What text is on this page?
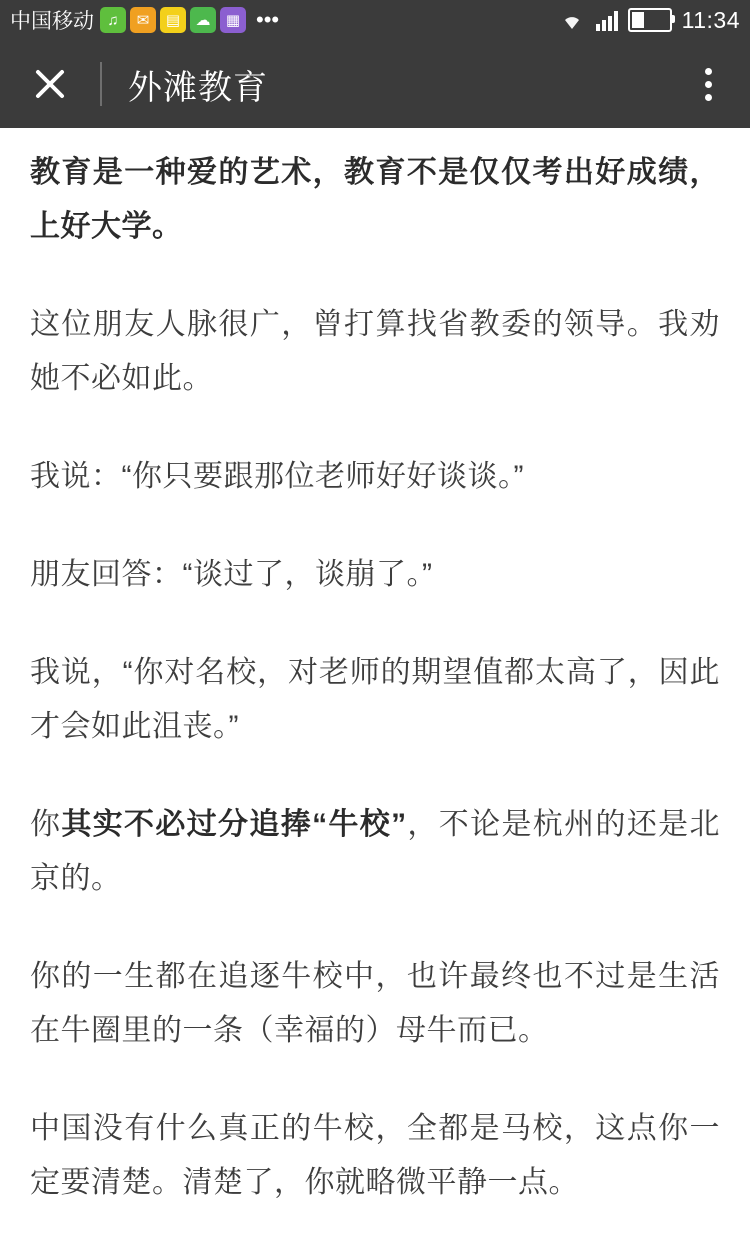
中国移动 ♫	✉	▤	☁	▦ •••	11:34
外滩教育

教育是一种爱的艺术，教育不是仅仅考出好成绩，上好大学。

这位朋友人脉很广，曾打算找省教委的领导。我劝她不必如此。

我说：“你只要跟那位老师好好谈谈。”

朋友回答：“谈过了，谈崩了。”

我说，“你对名校，对老师的期望值都太高了，因此才会如此沮丧。”

你其实不必过分追捧“牛校”，不论是杭州的还是北京的。

你的一生都在追逐牛校中，也许最终也不过是生活在牛圈里的一条（幸福的）母牛而已。

中国没有什么真正的牛校，全都是马校，这点你一定要清楚。清楚了，你就略微平静一点。
